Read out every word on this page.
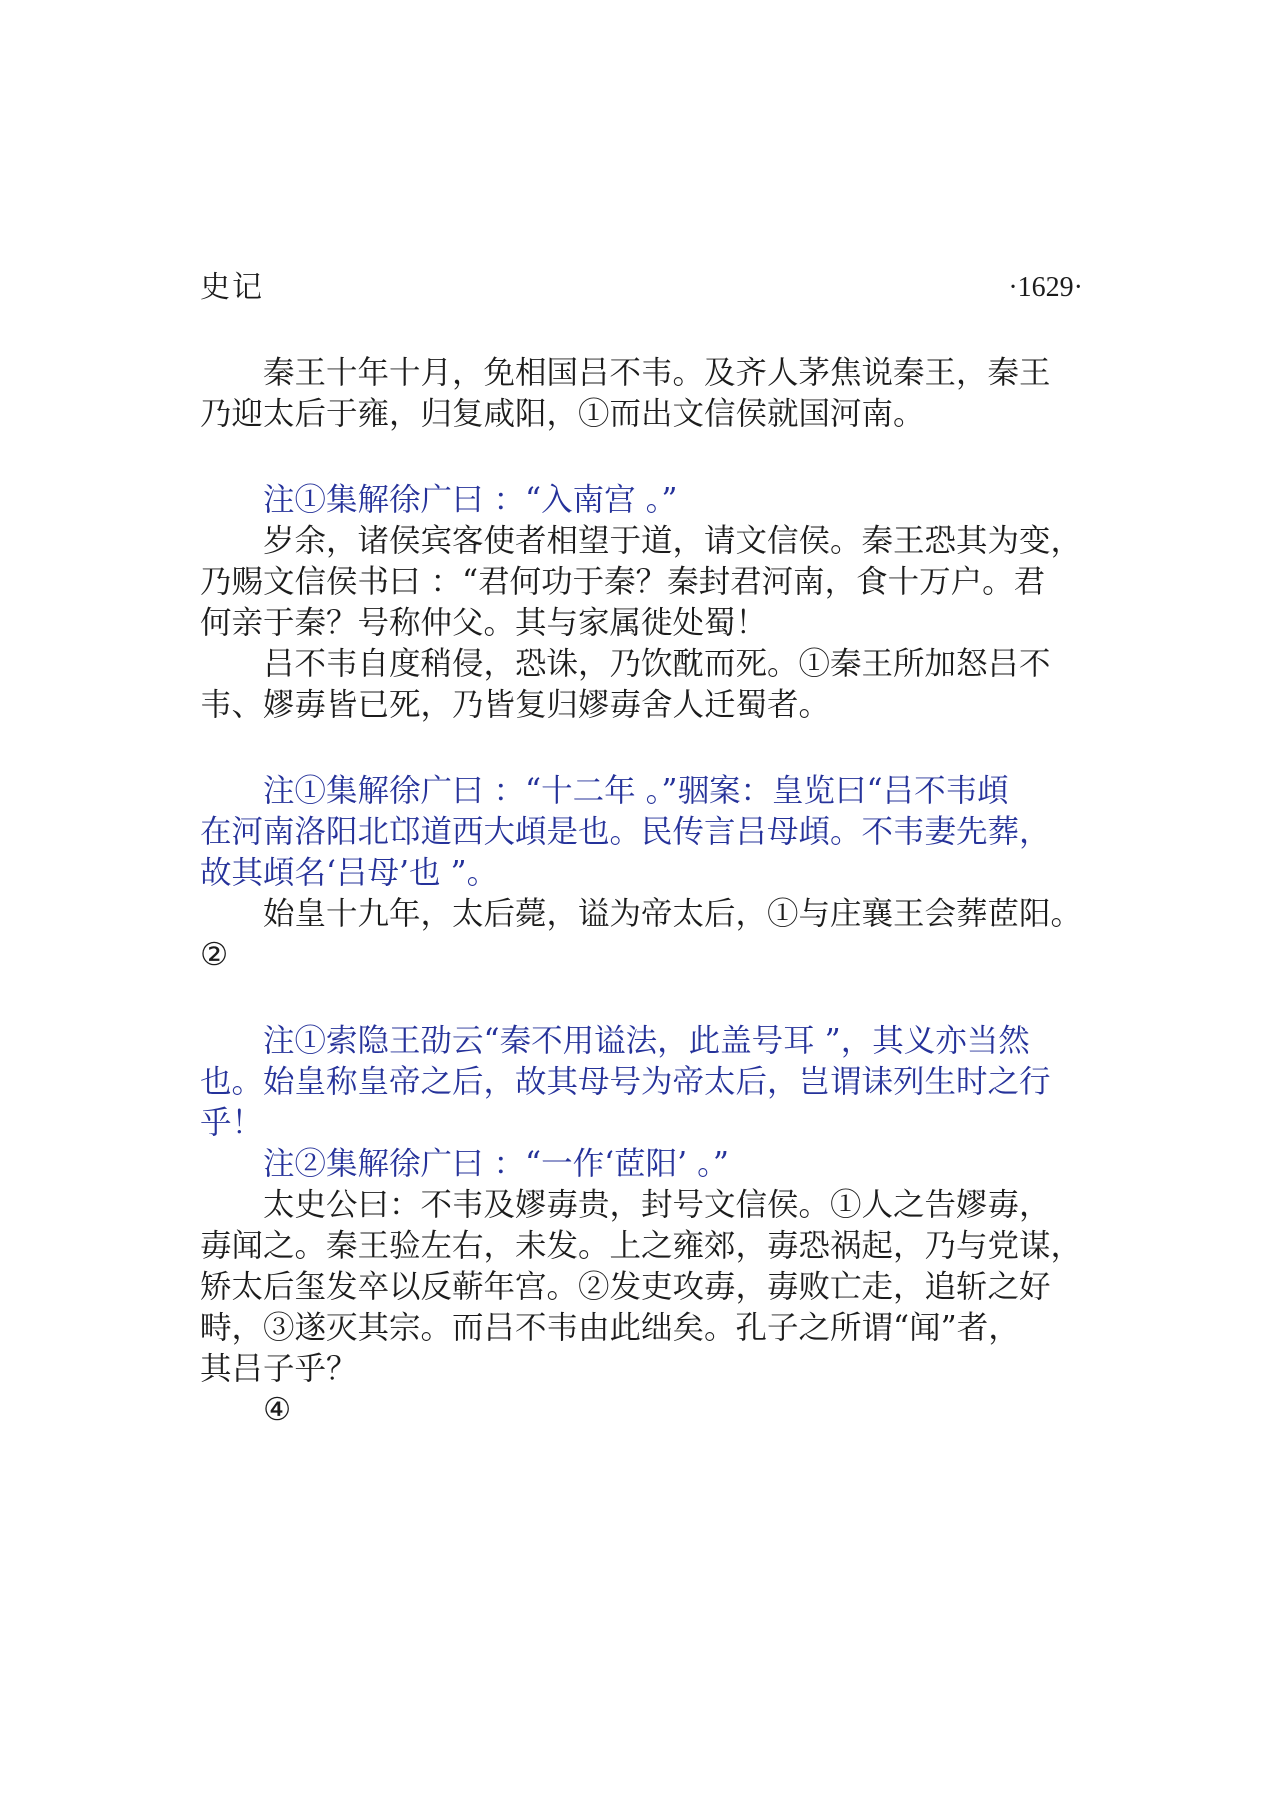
史记	·1629·
秦王十年十月，免相国吕不韦。及齐人茅焦说秦王，秦王
乃迎太后于雍，归复咸阳，①而出文信侯就国河南。
注①集解徐广曰 ：“入南宫 。”
岁余，诸侯宾客使者相望于道，请文信侯。秦王恐其为变，
乃赐文信侯书曰 ：“君何功于秦？秦封君河南，食十万户。君
何亲于秦？号称仲父。其与家属徙处蜀！
吕不韦自度稍侵，恐诛，乃饮酖而死。①秦王所加怒吕不
韦、嫪毐皆已死，乃皆复归嫪毐舍人迁蜀者。
注①集解徐广曰 ：“十二年 。”骃案：皇览曰“吕不韦頉
在河南洛阳北邙道西大頉是也。民传言吕母頉。不韦妻先葬，
故其頉名‘吕母’也 ”。
始皇十九年，太后薨，谥为帝太后，①与庄襄王会葬茝阳。
②
注①索隐王劭云“秦不用谥法，此盖号耳 ”，其义亦当然
也。始皇称皇帝之后，故其母号为帝太后，岂谓诔列生时之行
乎！
注②集解徐广曰 ：“一作‘茝阳’ 。”
太史公曰：不韦及嫪毐贵，封号文信侯。①人之告嫪毐，
毐闻之。秦王验左右，未发。上之雍郊，毐恐祸起，乃与党谋，
矫太后玺发卒以反蕲年宫。②发吏攻毐，毐败亡走，追斩之好
畤，③遂灭其宗。而吕不韦由此绌矣。孔子之所谓“闻”者，
其吕子乎？
④
